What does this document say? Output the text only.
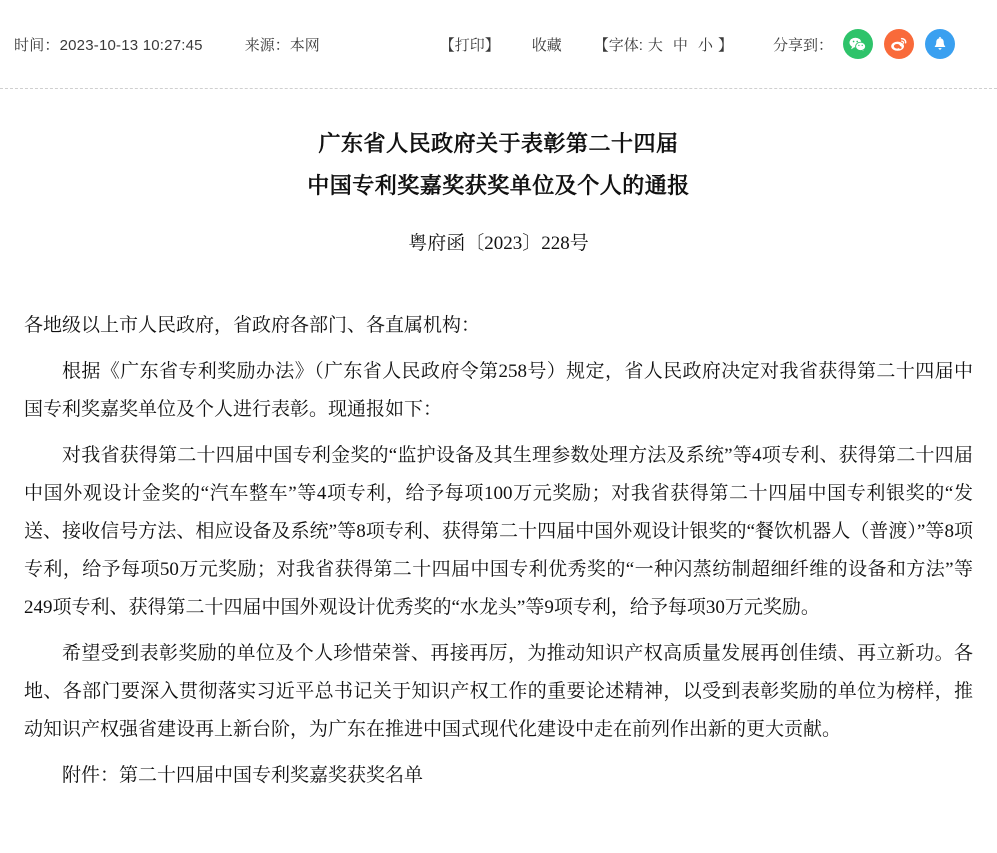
时间：2023-10-13 10:27:45	来源：本网	【打印】 收藏 【字体: 大 中 小 】	分享到：
广东省人民政府关于表彰第二十四届
中国专利奖嘉奖获奖单位及个人的通报
粤府函〔2023〕228号

各地级以上市人民政府，省政府各部门、各直属机构：

根据《广东省专利奖励办法》（广东省人民政府令第258号）规定，省人民政府决定对我省获得第二十四届中国专利奖嘉奖单位及个人进行表彰。现通报如下：

对我省获得第二十四届中国专利金奖的“监护设备及其生理参数处理方法及系统”等4项专利、获得第二十四届中国外观设计金奖的“汽车整车”等4项专利，给予每项100万元奖励；对我省获得第二十四届中国专利银奖的“发送、接收信号方法、相应设备及系统”等8项专利、获得第二十四届中国外观设计银奖的“餐饮机器人（普渡）”等8项专利，给予每项50万元奖励；对我省获得第二十四届中国专利优秀奖的“一种闪蒸纺制超细纤维的设备和方法”等249项专利、获得第二十四届中国外观设计优秀奖的“水龙头”等9项专利，给予每项30万元奖励。

希望受到表彰奖励的单位及个人珍惜荣誉、再接再厉，为推动知识产权高质量发展再创佳绩、再立新功。各地、各部门要深入贯彻落实习近平总书记关于知识产权工作的重要论述精神，以受到表彰奖励的单位为榜样，推动知识产权强省建设再上新台阶，为广东在推进中国式现代化建设中走在前列作出新的更大贡献。

附件：第二十四届中国专利奖嘉奖获奖名单
